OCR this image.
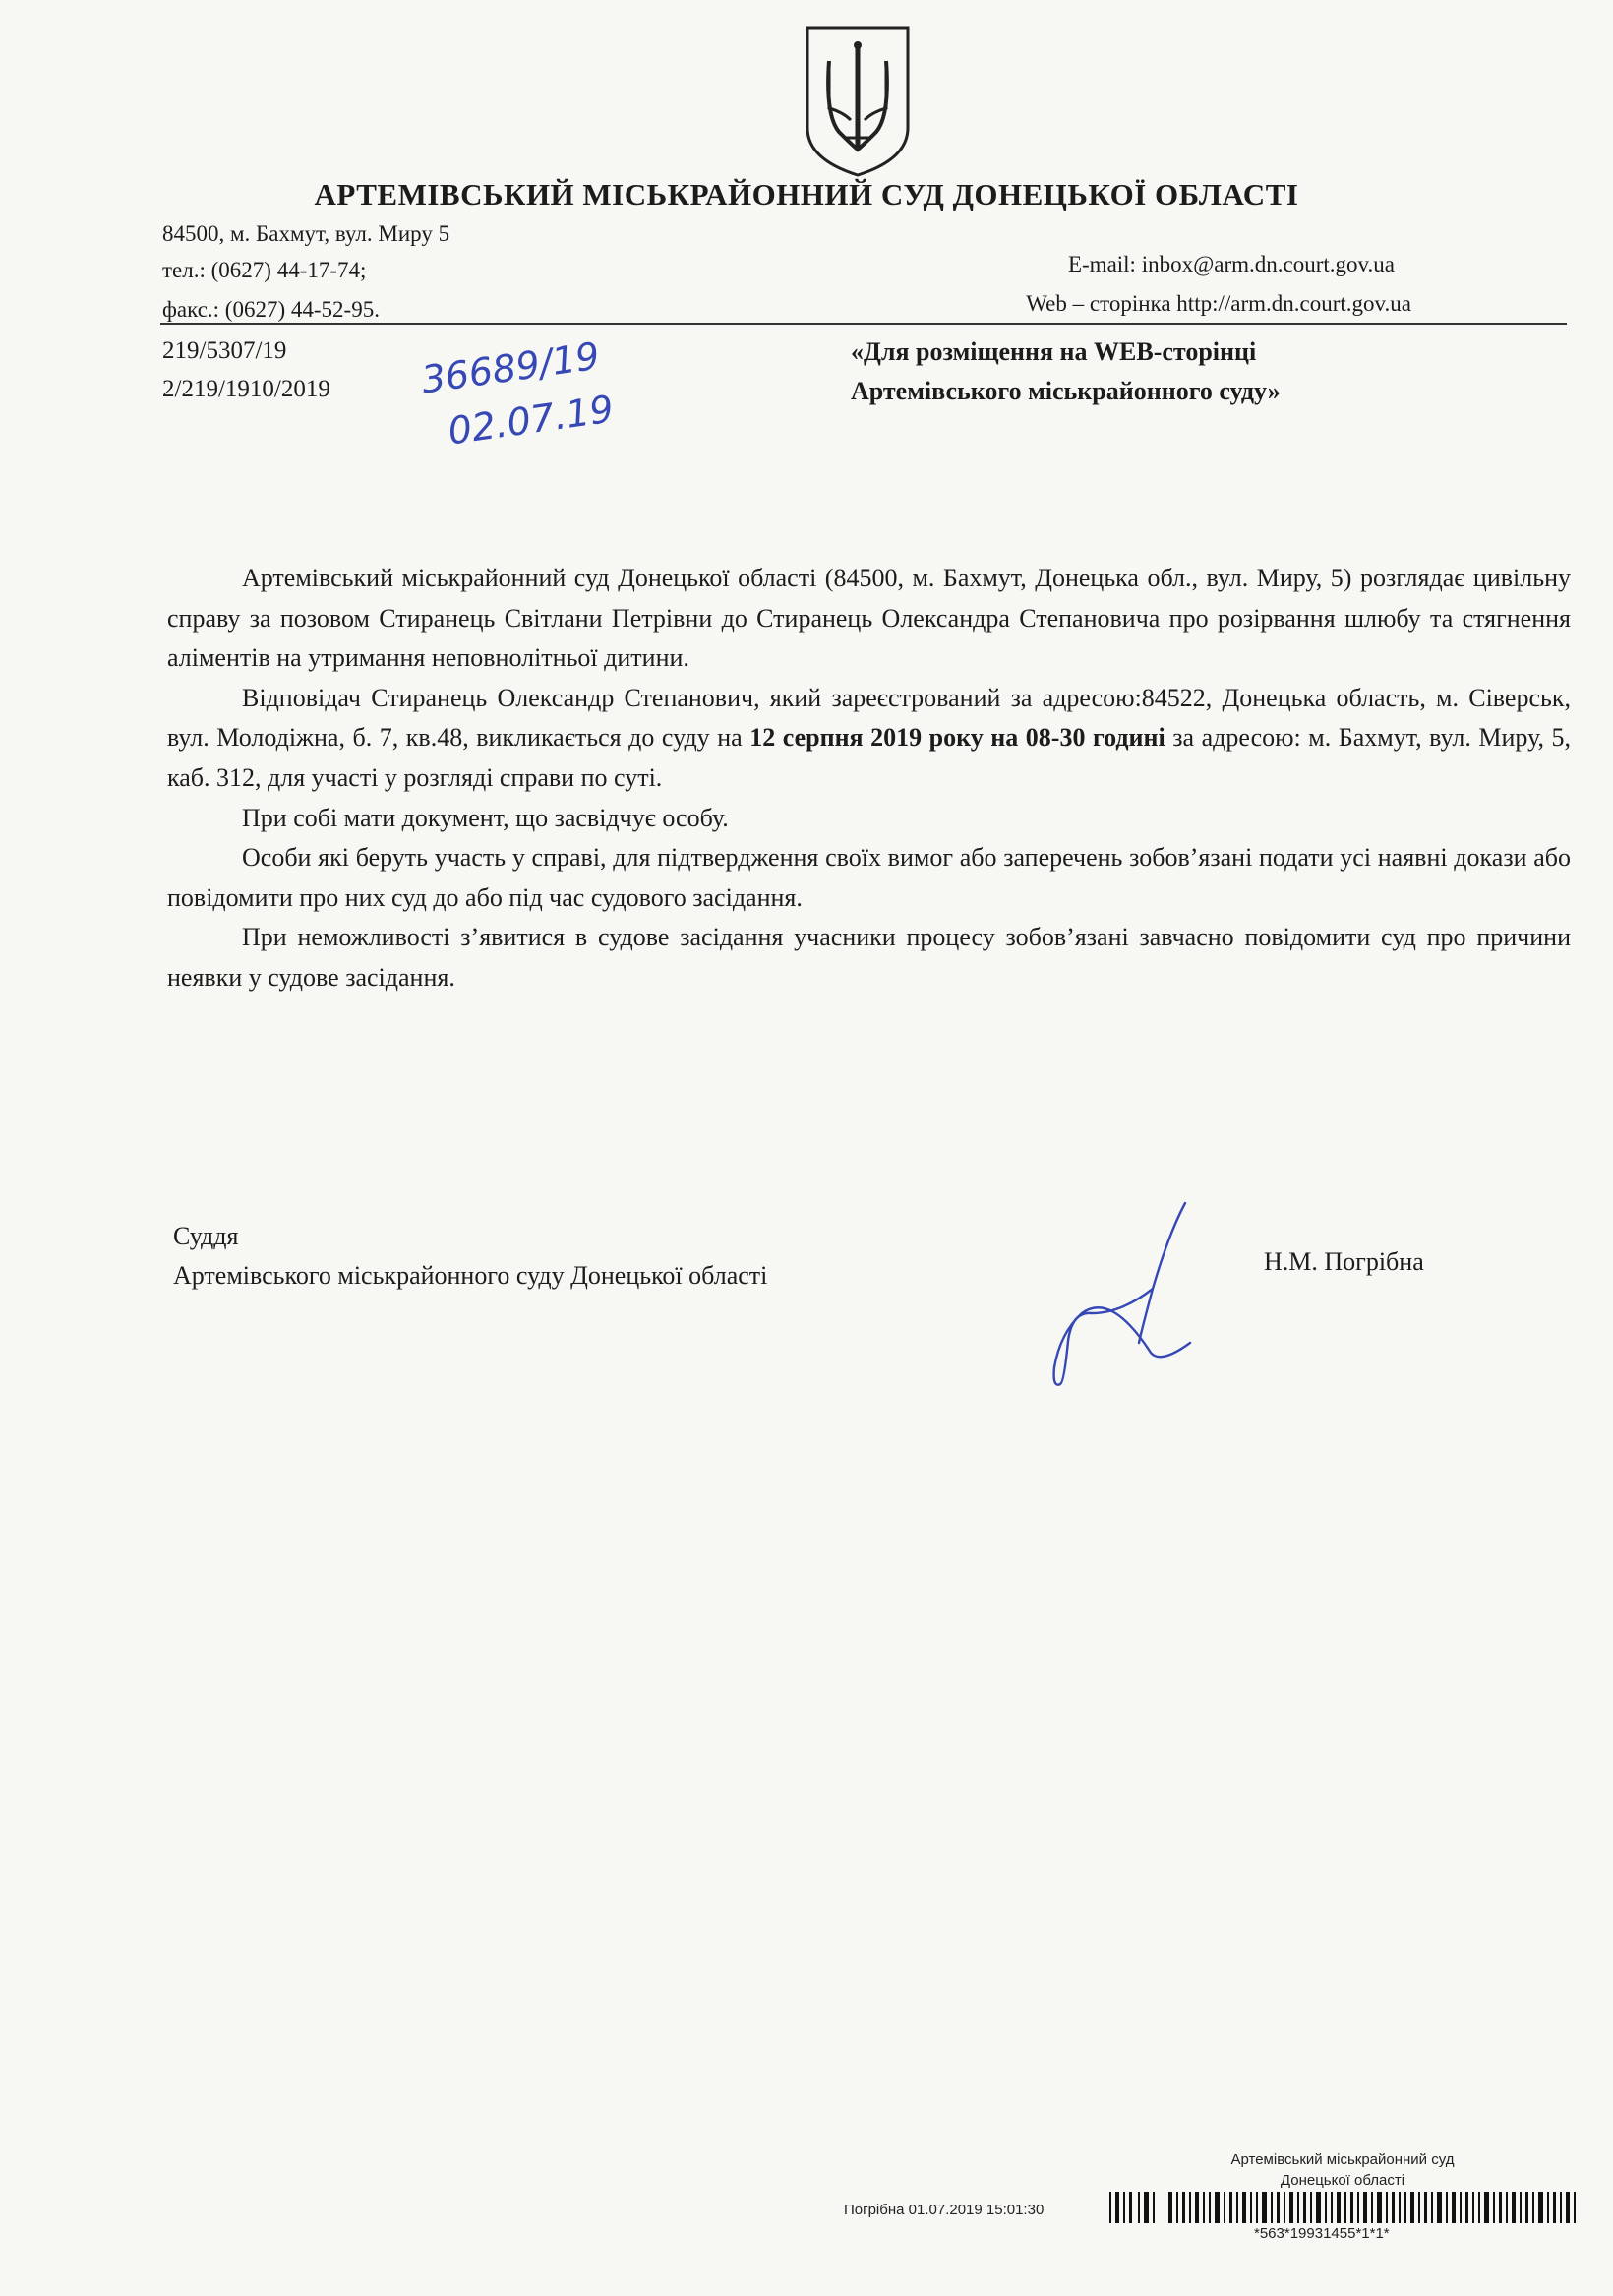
АРТЕМІВСЬКИЙ МІСЬКРАЙОННИЙ СУД ДОНЕЦЬКОЇ ОБЛАСТІ
84500, м. Бахмут, вул. Миру 5
тел.: (0627) 44-17-74;
факс.: (0627) 44-52-95.
E-mail: inbox@arm.dn.court.gov.ua
Web – сторінка http://arm.dn.court.gov.ua
219/5307/19
2/219/1910/2019 36689/19
02.07.19
«Для розміщення на WEB-сторінці
Артемівського міськрайонного суду»

Артемівський міськрайонний суд Донецької області (84500, м. Бахмут, Донецька обл., вул. Миру, 5) розглядає цивільну справу за позовом Стиранець Світлани Петрівни до Стиранець Олександра Степановича про розірвання шлюбу та стягнення аліментів на утримання неповнолітньої дитини.

Відповідач Стиранець Олександр Степанович, який зареєстрований за адресою:84522, Донецька область, м. Сіверськ, вул. Молодіжна, б. 7, кв.48, викликається до суду на 12 серпня 2019 року на 08-30 годині за адресою: м. Бахмут, вул. Миру, 5, каб. 312, для участі у розгляді справи по суті.

При собі мати документ, що засвідчує особу.

Особи які беруть участь у справі, для підтвердження своїх вимог або заперечень зобов’язані подати усі наявні докази або повідомити про них суд до або під час судового засідання.

При неможливості з’явитися в судове засідання учасники процесу зобов’язані завчасно повідомити суд про причини неявки у судове засідання.

Суддя
Артемівського міськрайонного суду Донецької області	Н.М. Погрібна
Артемівський міськрайонний суд
Донецької області
Погрібна 01.07.2019 15:01:30
*563*19931455*1*1*
